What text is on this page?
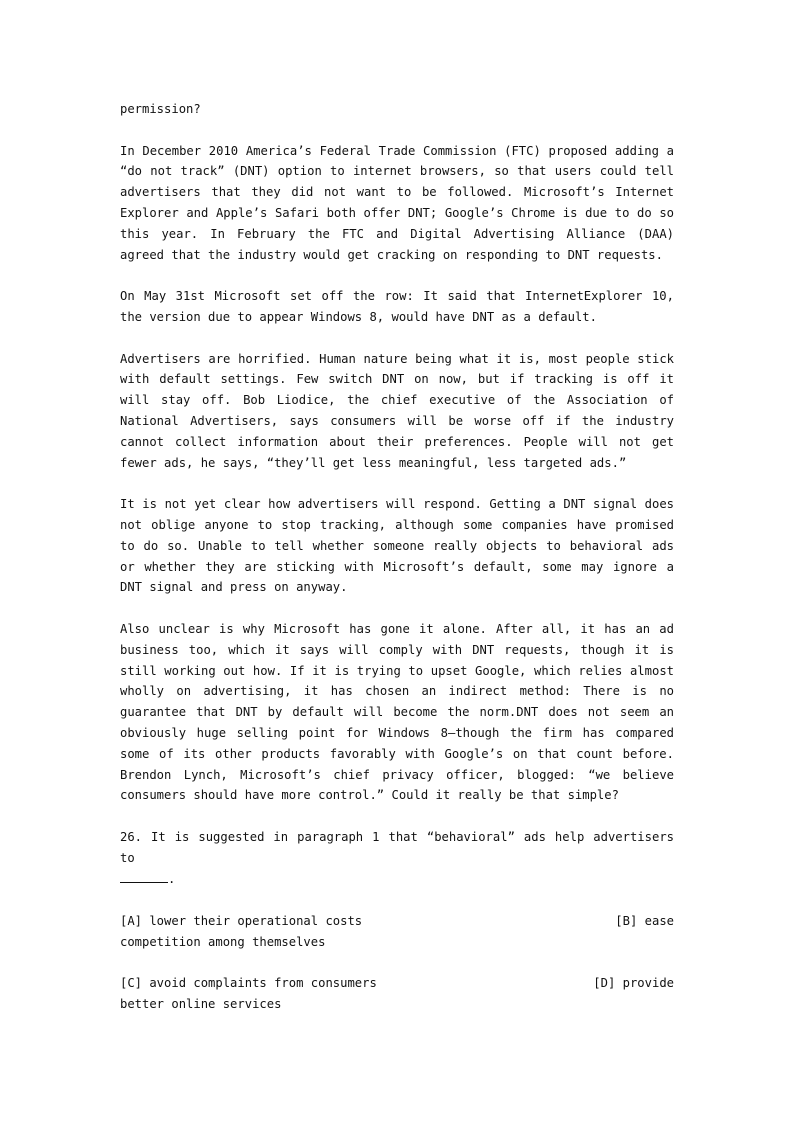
permission?

In December 2010 America’s Federal Trade Commission (FTC) proposed adding a “do not track” (DNT) option to internet browsers, so that users could tell advertisers that they did not want to be followed. Microsoft’s Internet Explorer and Apple’s Safari both offer DNT; Google’s Chrome is due to do so this year. In February the FTC and Digital Advertising Alliance (DAA) agreed that the industry would get cracking on responding to DNT requests.

On May 31st Microsoft set off the row: It said that InternetExplorer 10, the version due to appear Windows 8, would have DNT as a default.

Advertisers are horrified. Human nature being what it is, most people stick with default settings. Few switch DNT on now, but if tracking is off it will stay off. Bob Liodice, the chief executive of the Association of National Advertisers, says consumers will be worse off if the industry cannot collect information about their preferences. People will not get fewer ads, he says, “they’ll get less meaningful, less targeted ads.”

It is not yet clear how advertisers will respond. Getting a DNT signal does not oblige anyone to stop tracking, although some companies have promised to do so. Unable to tell whether someone really objects to behavioral ads or whether they are sticking with Microsoft’s default, some may ignore a DNT signal and press on anyway.

Also unclear is why Microsoft has gone it alone. After all, it has an ad business too, which it says will comply with DNT requests, though it is still working out how. If it is trying to upset Google, which relies almost wholly on advertising, it has chosen an indirect method: There is no guarantee that DNT by default will become the norm.DNT does not seem an obviously huge selling point for Windows 8—though the firm has compared some of its other products favorably with Google’s on that count before. Brendon Lynch, Microsoft’s chief privacy officer, blogged: “we believe consumers should have more control.” Could it really be that simple?

26. It is suggested in paragraph 1 that “behavioral” ads help advertisers to
.

[A] lower their operational costs	[B] ease
competition among themselves
[C] avoid complaints from consumers	[D] provide
better online services
